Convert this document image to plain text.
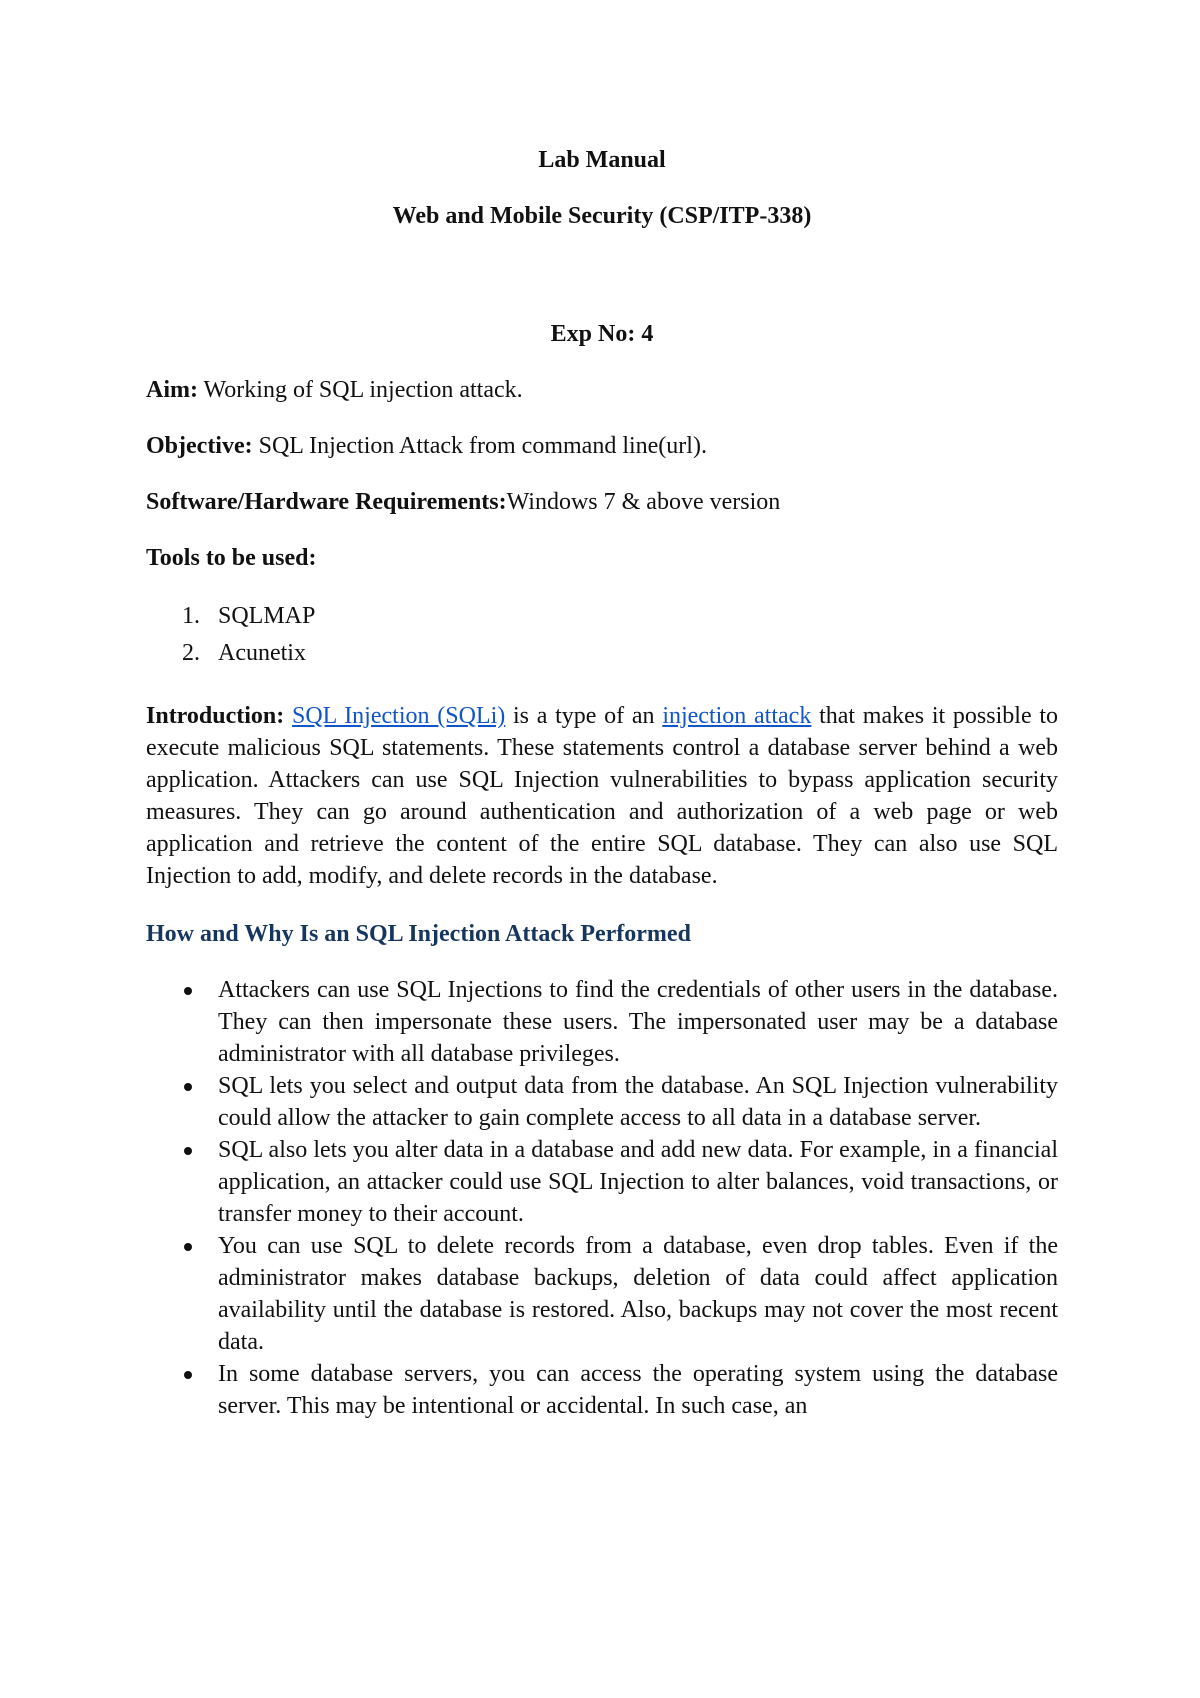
Lab Manual

Web and Mobile Security (CSP/ITP-338)

Exp No: 4

Aim: Working of SQL injection attack.

Objective: SQL Injection Attack from command line(url).

Software/Hardware Requirements:Windows 7 & above version

Tools to be used:

1. SQLMAP
2. Acunetix

Introduction: SQL Injection (SQLi) is a type of an injection attack that makes it possible to execute malicious SQL statements. These statements control a database server behind a web application. Attackers can use SQL Injection vulnerabilities to bypass application security measures. They can go around authentication and authorization of a web page or web application and retrieve the content of the entire SQL database. They can also use SQL Injection to add, modify, and delete records in the database.

How and Why Is an SQL Injection Attack Performed

Attackers can use SQL Injections to find the credentials of other users in the database. They can then impersonate these users. The impersonated user may be a database administrator with all database privileges.
SQL lets you select and output data from the database. An SQL Injection vulnerability could allow the attacker to gain complete access to all data in a database server.
SQL also lets you alter data in a database and add new data. For example, in a financial application, an attacker could use SQL Injection to alter balances, void transactions, or transfer money to their account.
You can use SQL to delete records from a database, even drop tables. Even if the administrator makes database backups, deletion of data could affect application availability until the database is restored. Also, backups may not cover the most recent data.
In some database servers, you can access the operating system using the database server. This may be intentional or accidental. In such case, an
